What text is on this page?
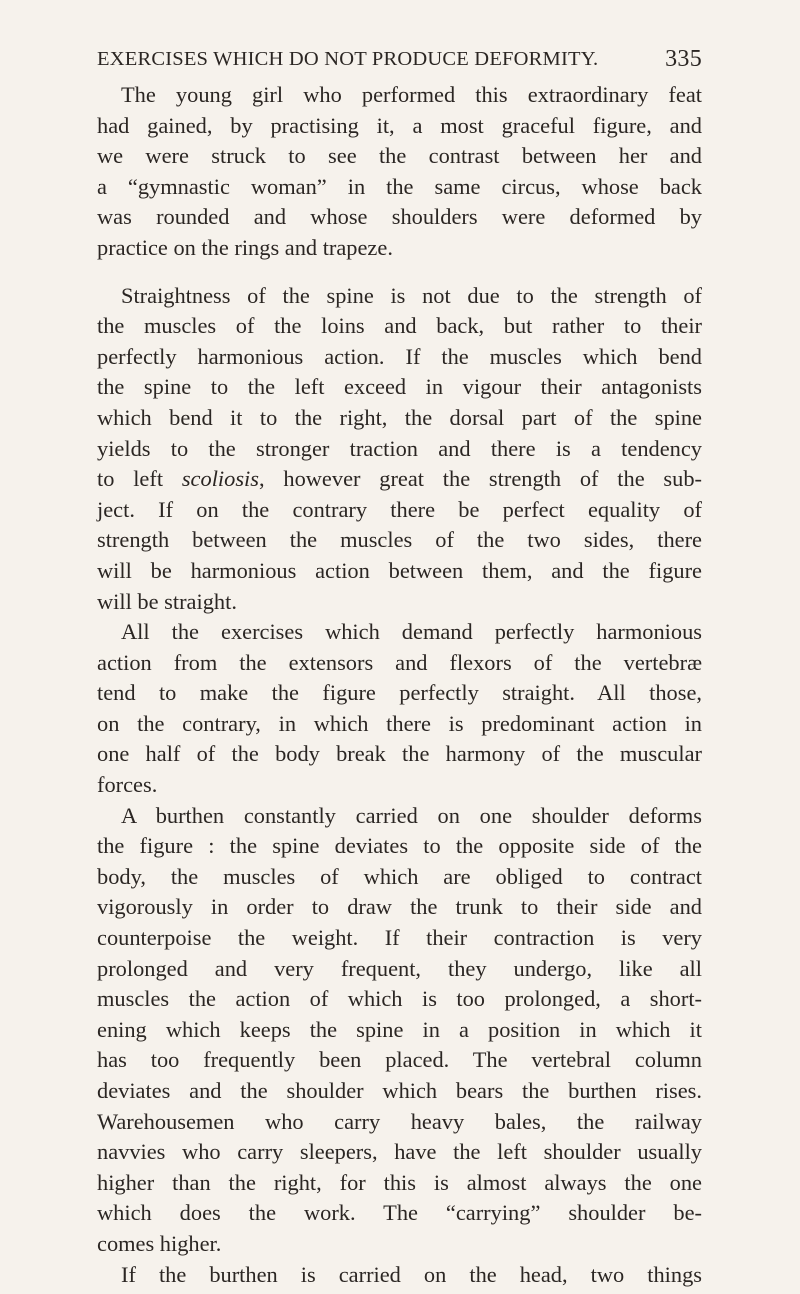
EXERCISES WHICH DO NOT PRODUCE DEFORMITY.	335

The young girl who performed this extraordinary feat
had gained, by practising it, a most graceful figure, and
we were struck to see the contrast between her and
a “gymnastic woman” in the same circus, whose back
was rounded and whose shoulders were deformed by
practice on the rings and trapeze.

Straightness of the spine is not due to the strength of
the muscles of the loins and back, but rather to their
perfectly harmonious action. If the muscles which bend
the spine to the left exceed in vigour their antagonists
which bend it to the right, the dorsal part of the spine
yields to the stronger traction and there is a tendency
to left scoliosis, however great the strength of the sub-
ject. If on the contrary there be perfect equality of
strength between the muscles of the two sides, there
will be harmonious action between them, and the figure
will be straight.

All the exercises which demand perfectly harmonious
action from the extensors and flexors of the vertebræ
tend to make the figure perfectly straight. All those,
on the contrary, in which there is predominant action in
one half of the body break the harmony of the muscular
forces.

A burthen constantly carried on one shoulder deforms
the figure : the spine deviates to the opposite side of the
body, the muscles of which are obliged to contract
vigorously in order to draw the trunk to their side and
counterpoise the weight. If their contraction is very
prolonged and very frequent, they undergo, like all
muscles the action of which is too prolonged, a short-
ening which keeps the spine in a position in which it
has too frequently been placed. The vertebral column
deviates and the shoulder which bears the burthen rises.
Warehousemen who carry heavy bales, the railway
navvies who carry sleepers, have the left shoulder usually
higher than the right, for this is almost always the one
which does the work. The “carrying” shoulder be-
comes higher.

If the burthen is carried on the head, two things
